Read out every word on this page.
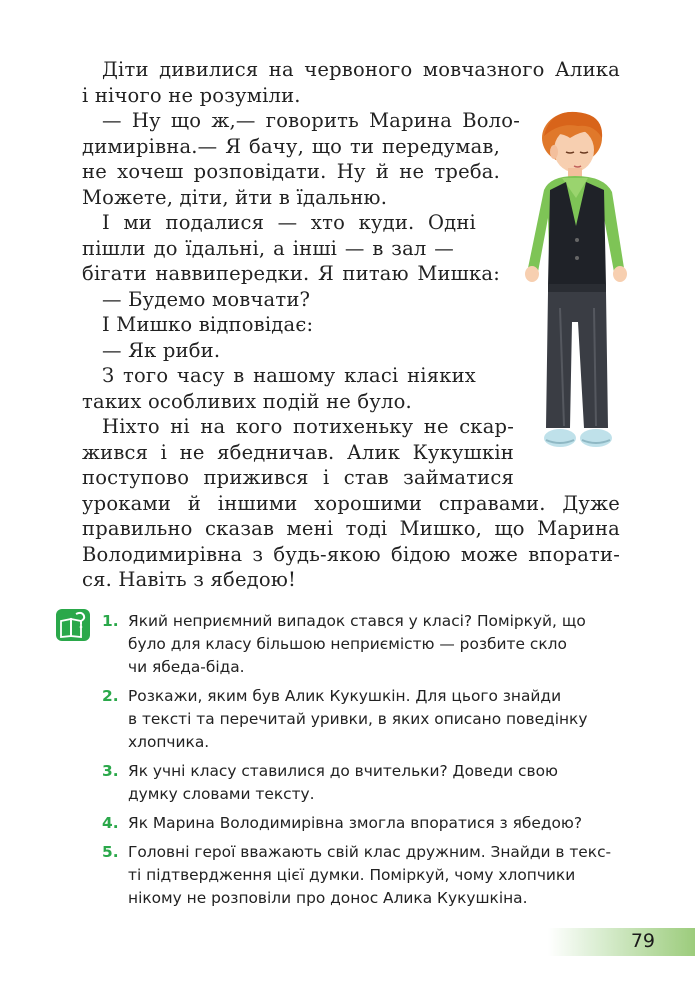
Діти дивилися на червоного мовчазного Алика
і нічого не розуміли.
— Ну що ж,— говорить Марина Воло-
димирівна.— Я бачу, що ти передумав,
не хочеш розповідати. Ну й не треба.
Можете, діти, йти в їдальню.
І ми подалися — хто куди. Одні
пішли до їдальні, а інші — в зал —
бігати наввипередки. Я питаю Мишка:
— Будемо мовчати?
І Мишко відповідає:
— Як риби.
З того часу в нашому класі ніяких
таких особливих подій не було.
Ніхто ні на кого потихеньку не скар-
жився і не ябедничав. Алик Кукушкін
поступово прижився і став займатися
уроками й іншими хорошими справами. Дуже
правильно сказав мені тоді Мишко, що Марина
Володимирівна з будь-якою бідою може впорати-
ся. Навіть з ябедою!
1. Який неприємний випадок стався у класі? Поміркуй, що
було для класу більшою неприємістю — розбите скло
чи ябеда-біда.
2. Розкажи, яким був Алик Кукушкін. Для цього знайди
в тексті та перечитай уривки, в яких описано поведінку
хлопчика.
3. Як учні класу ставилися до вчительки? Доведи свою
думку словами тексту.
4. Як Марина Володимирівна змогла впоратися з ябедою?
5. Головні герої вважають свій клас дружним. Знайди в текс-
ті підтвердження цієї думки. Поміркуй, чому хлопчики
нікому не розповіли про донос Алика Кукушкіна.
79
